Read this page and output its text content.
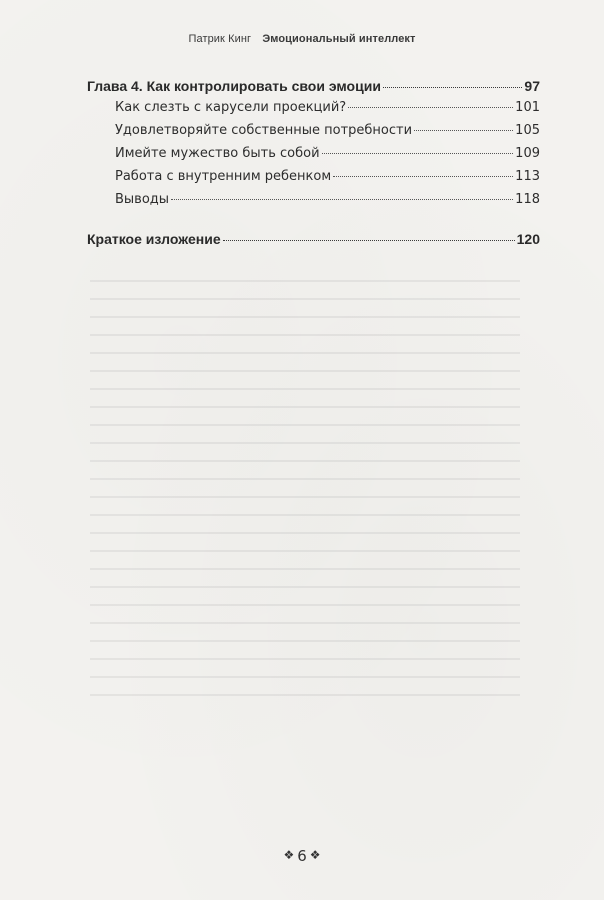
Патрик Кинг Эмоциональный интеллект
Глава 4. Как контролировать свои эмоции	97
Как слезть с карусели проекций?	101
Удовлетворяйте собственные потребности	105
Имейте мужество быть собой	109
Работа с внутренним ребенком	113
Выводы	118
Краткое изложение	120
❖ 6 ❖
